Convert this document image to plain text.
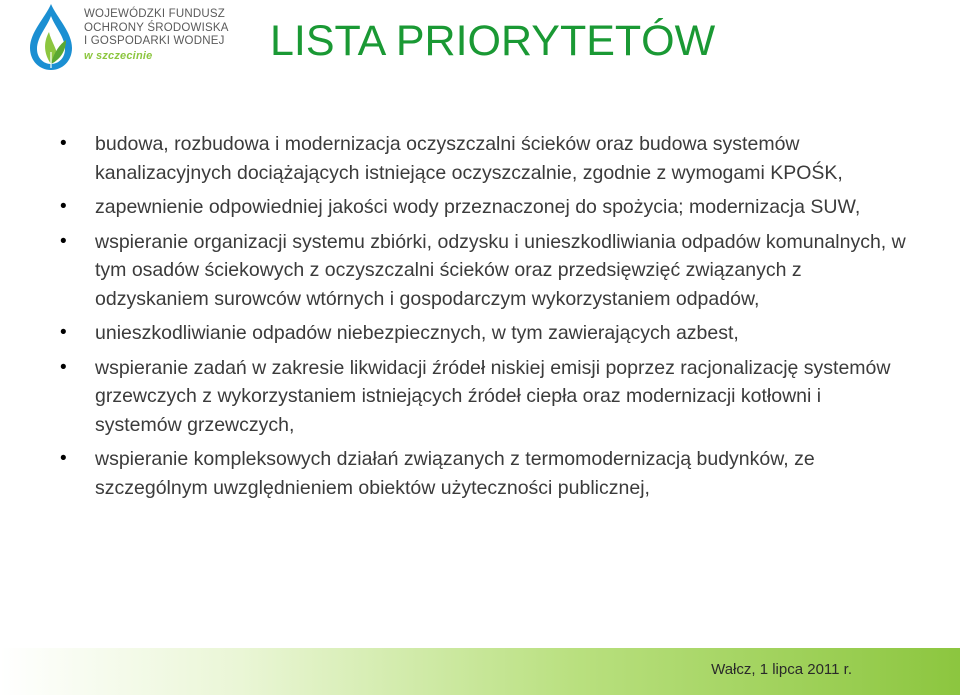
WOJEWÓDZKI FUNDUSZ
OCHRONY ŚRODOWISKA
I GOSPODARKI WODNEJ
w szczecinie	LISTA PRIORYTETÓW
•	budowa, rozbudowa i modernizacja oczyszczalni ścieków oraz budowa systemów kanalizacyjnych dociążających istniejące oczyszczalnie, zgodnie z wymogami KPOŚK,
•	zapewnienie odpowiedniej jakości wody przeznaczonej do spożycia; modernizacja SUW,
•	wspieranie organizacji systemu zbiórki, odzysku i unieszkodliwiania odpadów komunalnych, w tym osadów ściekowych z oczyszczalni ścieków oraz przedsięwzięć związanych z odzyskaniem surowców wtórnych i gospodarczym wykorzystaniem odpadów,
•	unieszkodliwianie odpadów niebezpiecznych, w tym zawierających azbest,
•	wspieranie zadań w zakresie likwidacji źródeł niskiej emisji poprzez racjonalizację systemów grzewczych z wykorzystaniem istniejących źródeł ciepła oraz modernizacji kotłowni i systemów grzewczych,
•	wspieranie kompleksowych działań związanych z termomodernizacją budynków, ze szczególnym uwzględnieniem obiektów użyteczności publicznej,
Wałcz, 1 lipca 2011 r.
